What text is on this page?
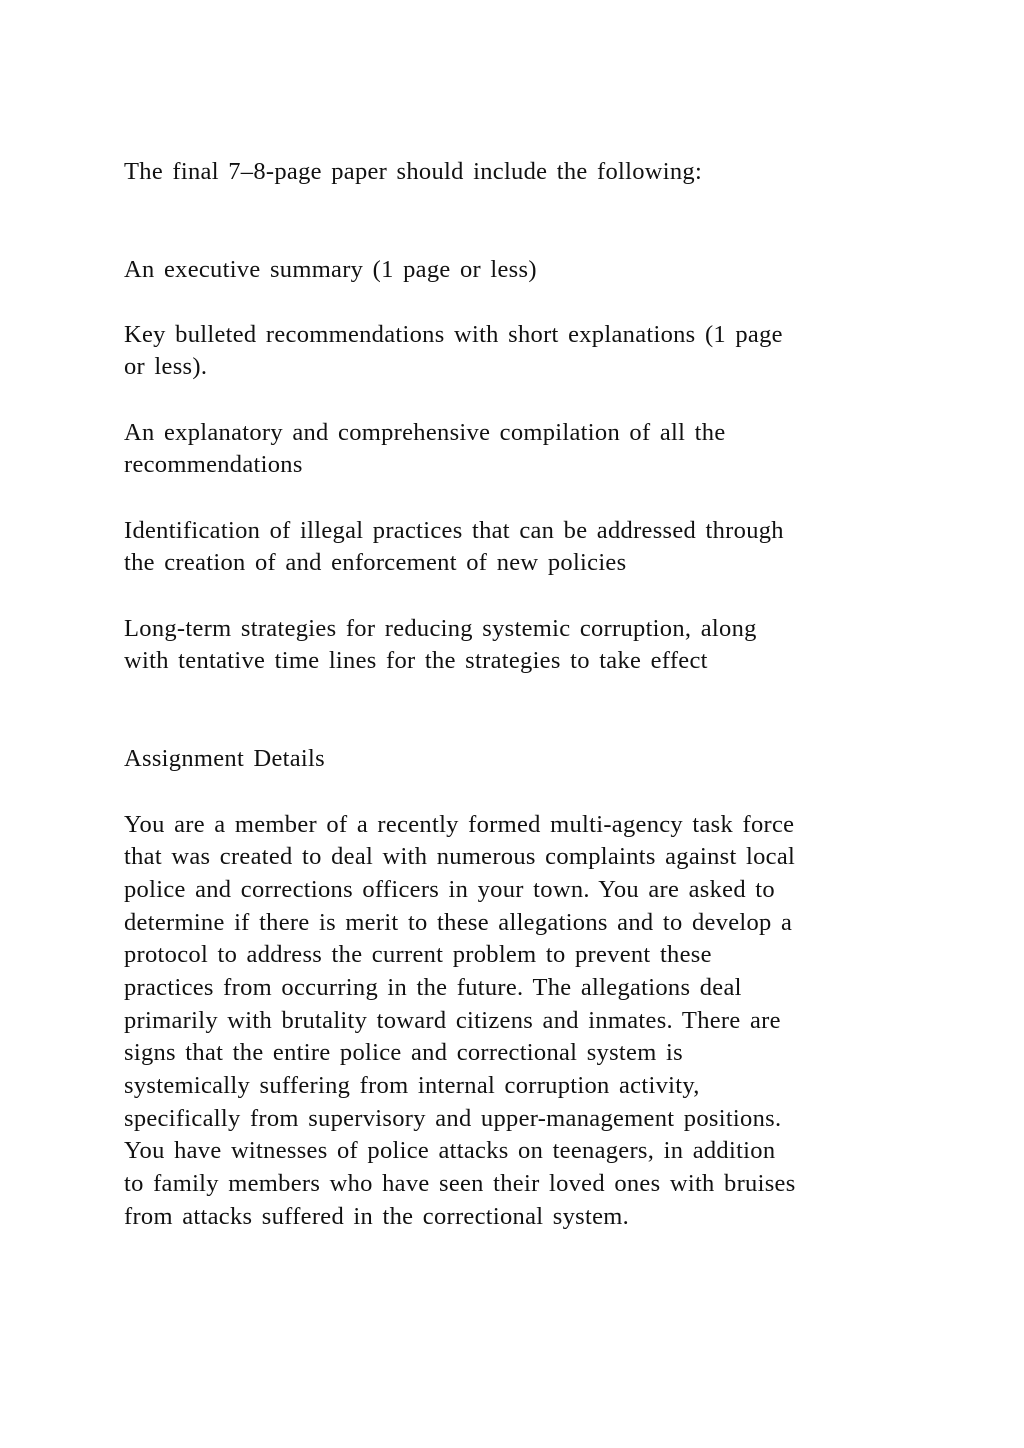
The final 7–8-page paper should include the following:

An executive summary (1 page or less)

Key bulleted recommendations with short explanations (1 page

or less).

An explanatory and comprehensive compilation of all the

recommendations

Identification of illegal practices that can be addressed through

the creation of and enforcement of new policies

Long-term strategies for reducing systemic corruption, along

with tentative time lines for the strategies to take effect

Assignment Details

You are a member of a recently formed multi-agency task force

that was created to deal with numerous complaints against local

police and corrections officers in your town. You are asked to

determine if there is merit to these allegations and to develop a

protocol to address the current problem to prevent these

practices from occurring in the future. The allegations deal

primarily with brutality toward citizens and inmates. There are

signs that the entire police and correctional system is

systemically suffering from internal corruption activity,

specifically from supervisory and upper-management positions.

You have witnesses of police attacks on teenagers, in addition

to family members who have seen their loved ones with bruises

from attacks suffered in the correctional system.
